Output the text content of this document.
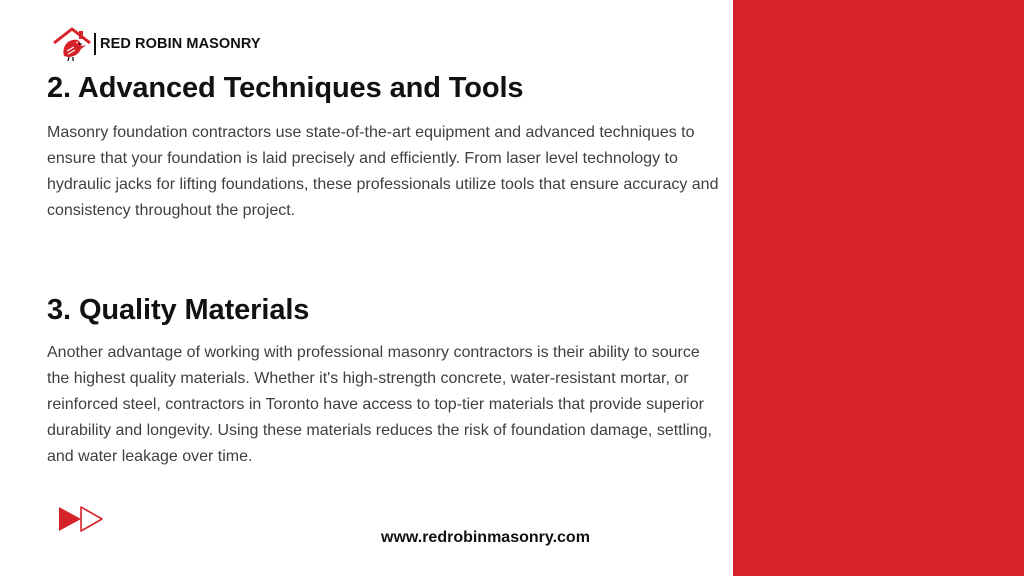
RED ROBIN MASONRY
2. Advanced Techniques and Tools

Masonry foundation contractors use state-of-the-art equipment and advanced techniques to ensure that your foundation is laid precisely and efficiently. From laser level technology to hydraulic jacks for lifting foundations, these professionals utilize tools that ensure accuracy and consistency throughout the project.

3. Quality Materials

Another advantage of working with professional masonry contractors is their ability to source the highest quality materials. Whether it's high-strength concrete, water-resistant mortar, or reinforced steel, contractors in Toronto have access to top-tier materials that provide superior durability and longevity. Using these materials reduces the risk of foundation damage, settling, and water leakage over time.

www.redrobinmasonry.com
